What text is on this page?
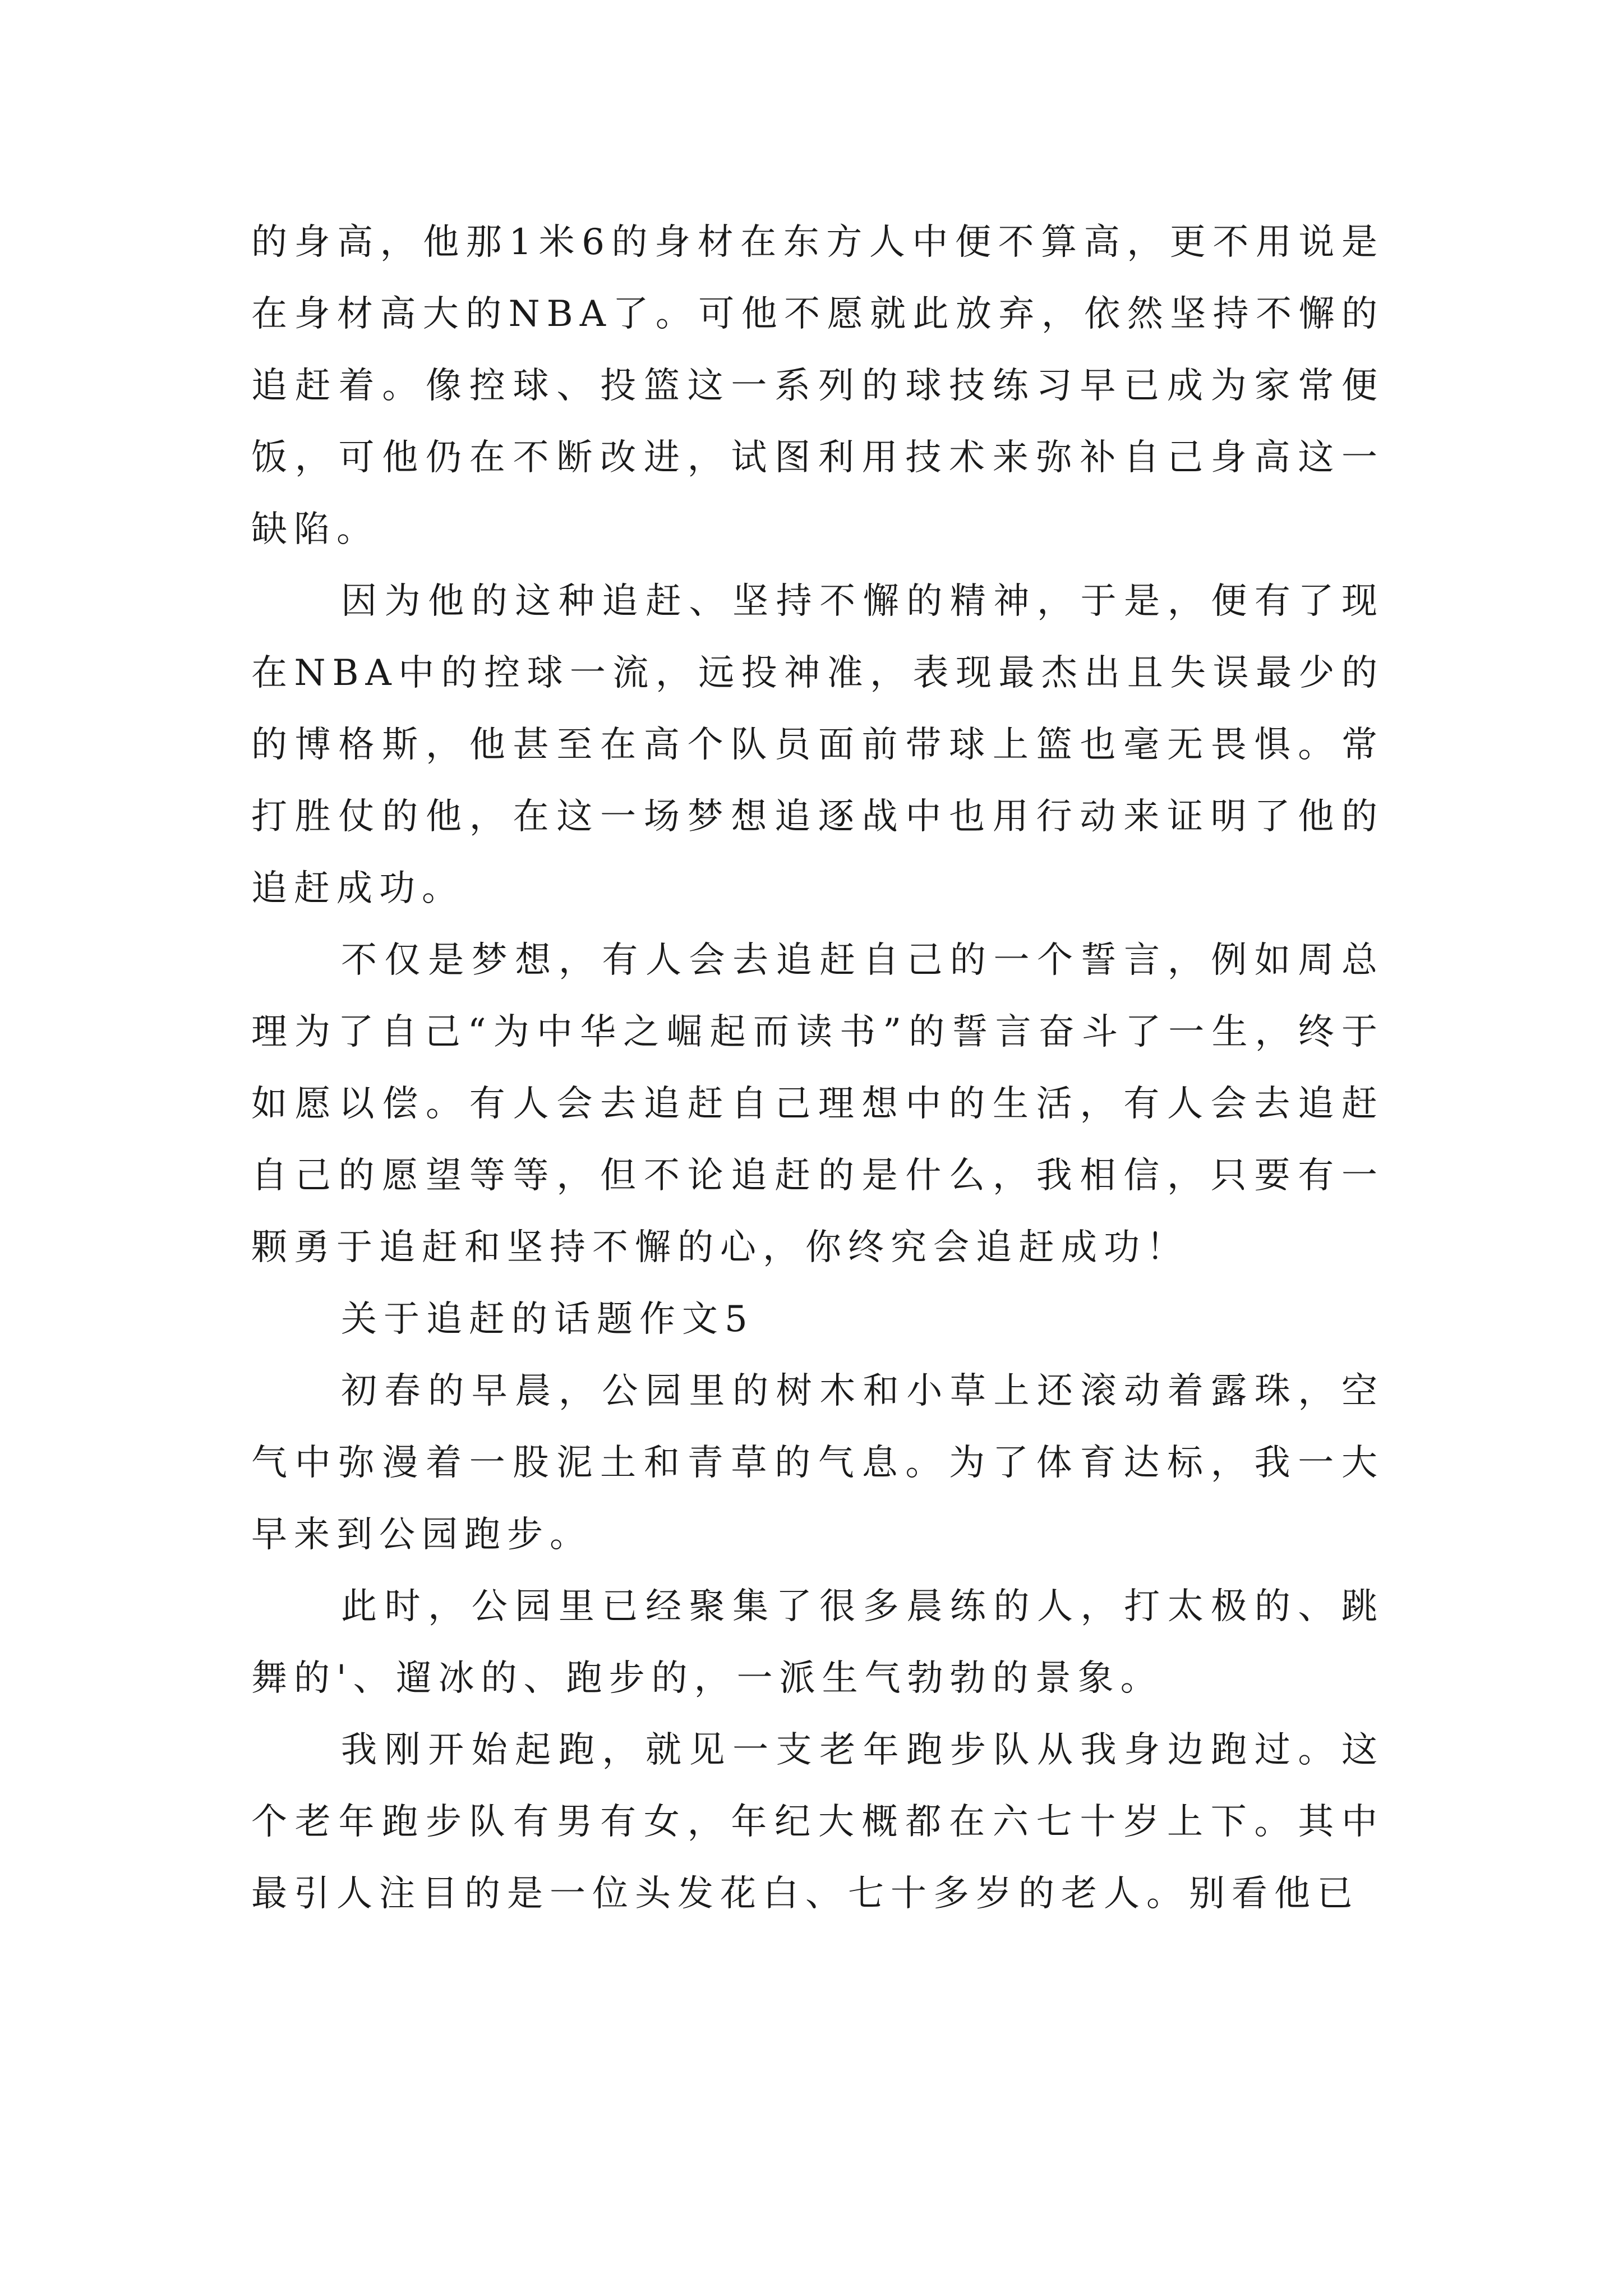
的身高，他那1米6的身材在东方人中便不算高，更不用说是在身材高大的NBA了。可他不愿就此放弃，依然坚持不懈的追赶着。像控球、投篮这一系列的球技练习早已成为家常便饭，可他仍在不断改进，试图利用技术来弥补自己身高这一缺陷。

因为他的这种追赶、坚持不懈的精神，于是，便有了现在NBA中的控球一流，远投神准，表现最杰出且失误最少的的博格斯，他甚至在高个队员面前带球上篮也毫无畏惧。常打胜仗的他，在这一场梦想追逐战中也用行动来证明了他的追赶成功。

不仅是梦想，有人会去追赶自己的一个誓言，例如周总理为了自己“为中华之崛起而读书”的誓言奋斗了一生，终于如愿以偿。有人会去追赶自己理想中的生活，有人会去追赶自己的愿望等等，但不论追赶的是什么，我相信，只要有一颗勇于追赶和坚持不懈的心，你终究会追赶成功！

关于追赶的话题作文5

初春的早晨，公园里的树木和小草上还滚动着露珠，空气中弥漫着一股泥土和青草的气息。为了体育达标，我一大早来到公园跑步。

此时，公园里已经聚集了很多晨练的人，打太极的、跳舞的'、遛冰的、跑步的，一派生气勃勃的景象。

我刚开始起跑，就见一支老年跑步队从我身边跑过。这个老年跑步队有男有女，年纪大概都在六七十岁上下。其中最引人注目的是一位头发花白、七十多岁的老人。别看他已
